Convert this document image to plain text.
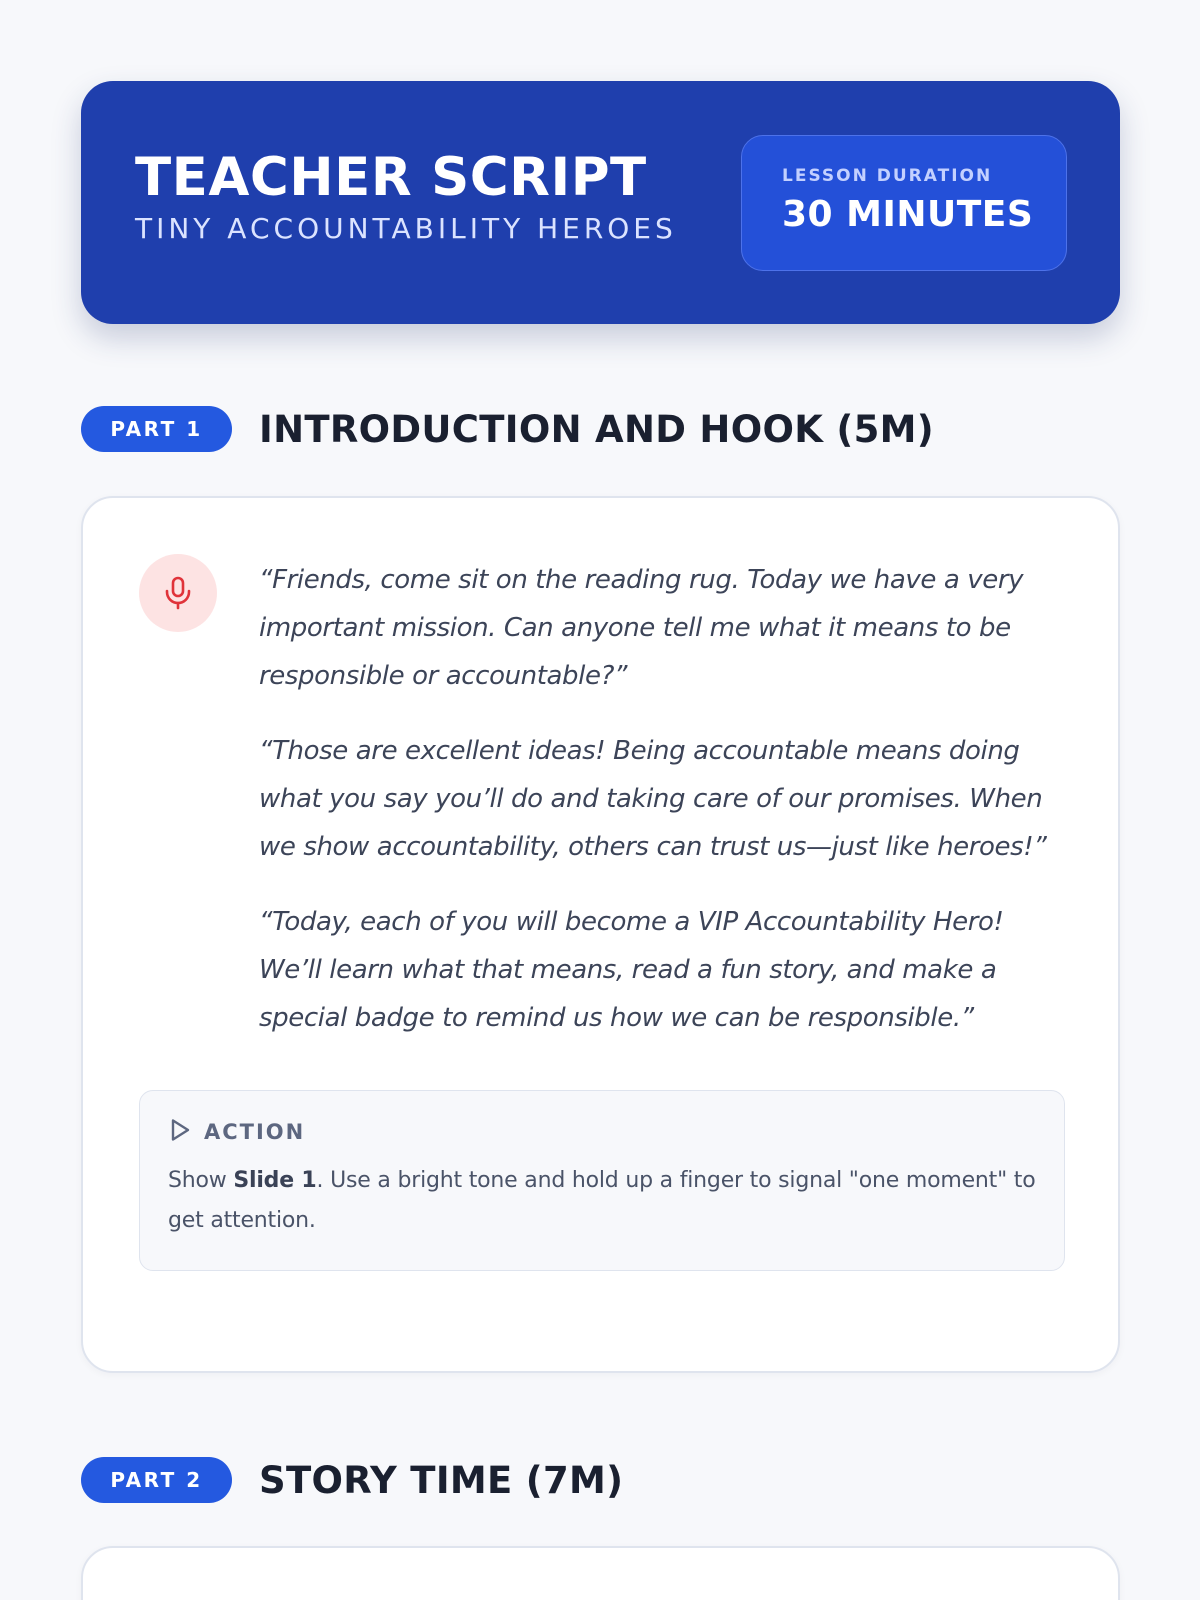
TEACHER SCRIPT
TINY ACCOUNTABILITY HEROES
LESSON DURATION
30 MINUTES
PART 1	INTRODUCTION AND HOOK (5M)

“Friends, come sit on the reading rug. Today we have a very important mission. Can anyone tell me what it means to be responsible or accountable?”

“Those are excellent ideas! Being accountable means doing what you say you’ll do and taking care of our promises. When we show accountability, others can trust us—just like heroes!”

“Today, each of you will become a VIP Accountability Hero! We’ll learn what that means, read a fun story, and make a special badge to remind us how we can be responsible.”

ACTION
Show Slide 1. Use a bright tone and hold up a finger to signal "one moment" to get attention.
PART 2	STORY TIME (7M)
